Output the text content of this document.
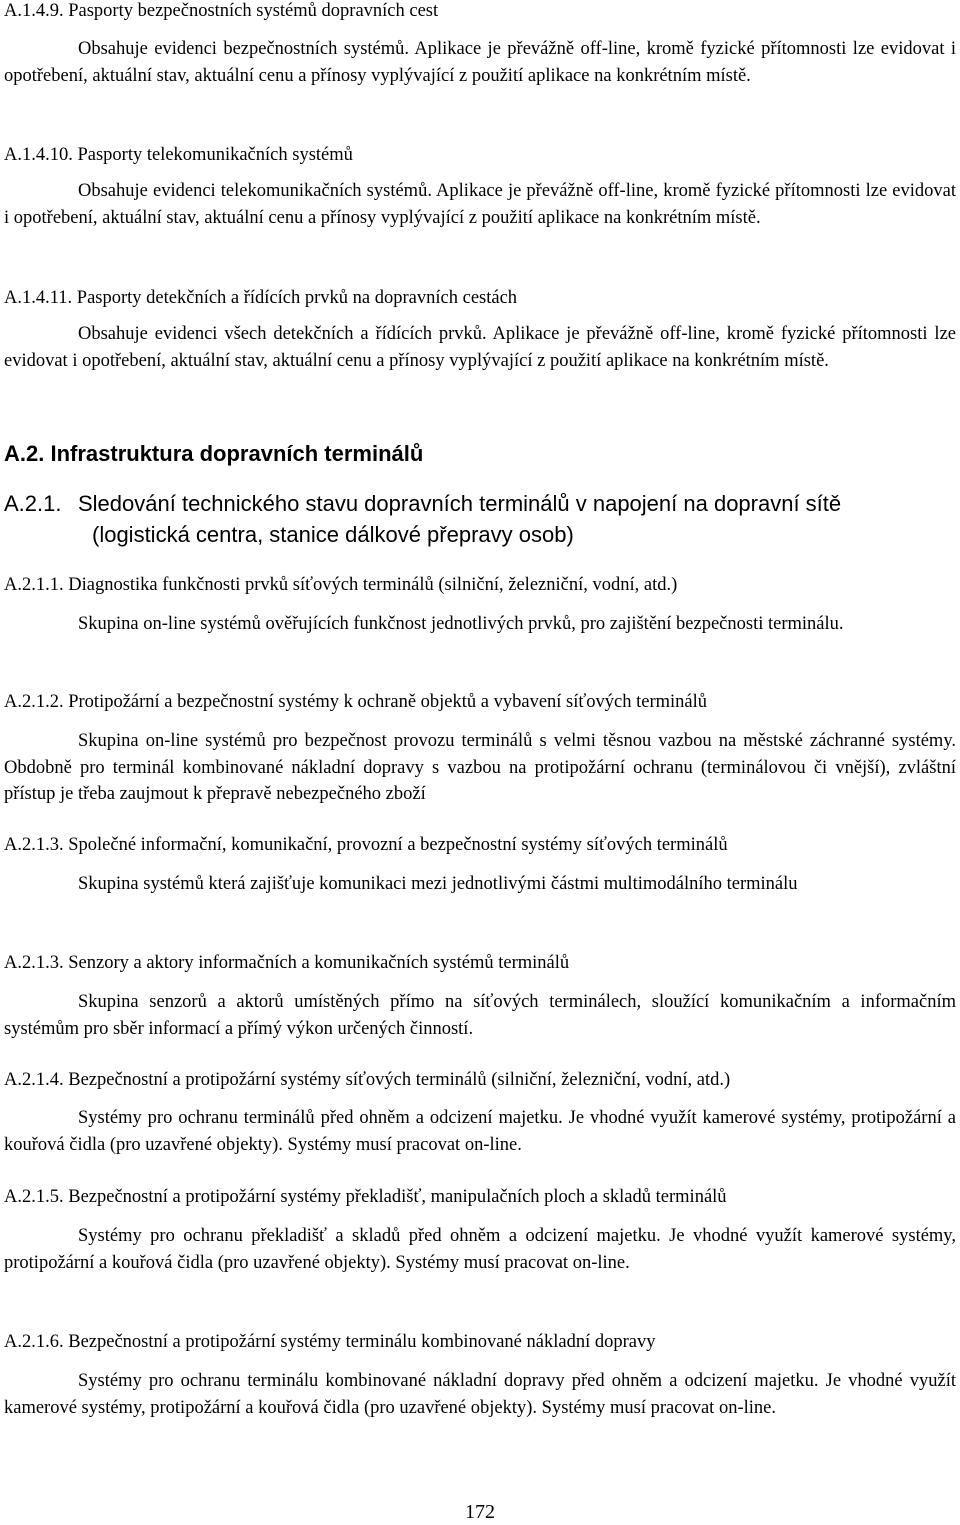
A.1.4.9. Pasporty bezpečnostních systémů dopravních cest

Obsahuje evidenci bezpečnostních systémů. Aplikace je převážně off-line, kromě fyzické přítomnosti lze evidovat i opotřebení, aktuální stav, aktuální cenu a přínosy vyplývající z použití aplikace na konkrétním místě.

A.1.4.10. Pasporty telekomunikačních systémů

Obsahuje evidenci telekomunikačních systémů. Aplikace je převážně off-line, kromě fyzické přítomnosti lze evidovat i opotřebení, aktuální stav, aktuální cenu a přínosy vyplývající z použití aplikace na konkrétním místě.

A.1.4.11. Pasporty detekčních a řídících prvků na dopravních cestách

Obsahuje evidenci všech detekčních a řídících prvků. Aplikace je převážně off-line, kromě fyzické přítomnosti lze evidovat i opotřebení, aktuální stav, aktuální cenu a přínosy vyplývající z použití aplikace na konkrétním místě.

A.2. Infrastruktura dopravních terminálů
A.2.1. Sledování technického stavu dopravních terminálů v napojení na dopravní sítě
(logistická centra, stanice dálkové přepravy osob)
A.2.1.1. Diagnostika funkčnosti prvků síťových terminálů (silniční, železniční, vodní, atd.)

Skupina on-line systémů ověřujících funkčnost jednotlivých prvků, pro zajištění bezpečnosti terminálu.

A.2.1.2. Protipožární a bezpečnostní systémy k ochraně objektů a vybavení síťových terminálů

Skupina on-line systémů pro bezpečnost provozu terminálů s velmi těsnou vazbou na městské záchranné systémy. Obdobně pro terminál kombinované nákladní dopravy s vazbou na protipožární ochranu (terminálovou či vnější), zvláštní přístup je třeba zaujmout k přepravě nebezpečného zboží

A.2.1.3. Společné informační, komunikační, provozní a bezpečnostní systémy síťových terminálů

Skupina systémů která zajišťuje komunikaci mezi jednotlivými částmi multimodálního terminálu

A.2.1.3. Senzory a aktory informačních a komunikačních systémů terminálů

Skupina senzorů a aktorů umístěných přímo na síťových terminálech, sloužící komunikačním a informačním systémům pro sběr informací a přímý výkon určených činností.

A.2.1.4. Bezpečnostní a protipožární systémy síťových terminálů (silniční, železniční, vodní, atd.)

Systémy pro ochranu terminálů před ohněm a odcizení majetku. Je vhodné využít kamerové systémy, protipožární a kouřová čidla (pro uzavřené objekty). Systémy musí pracovat on-line.

A.2.1.5. Bezpečnostní a protipožární systémy překladišť, manipulačních ploch a skladů terminálů

Systémy pro ochranu překladišť a skladů před ohněm a odcizení majetku. Je vhodné využít kamerové systémy, protipožární a kouřová čidla (pro uzavřené objekty). Systémy musí pracovat on-line.

A.2.1.6. Bezpečnostní a protipožární systémy terminálu kombinované nákladní dopravy

Systémy pro ochranu terminálu kombinované nákladní dopravy před ohněm a odcizení majetku. Je vhodné využít kamerové systémy, protipožární a kouřová čidla (pro uzavřené objekty). Systémy musí pracovat on-line.

172
